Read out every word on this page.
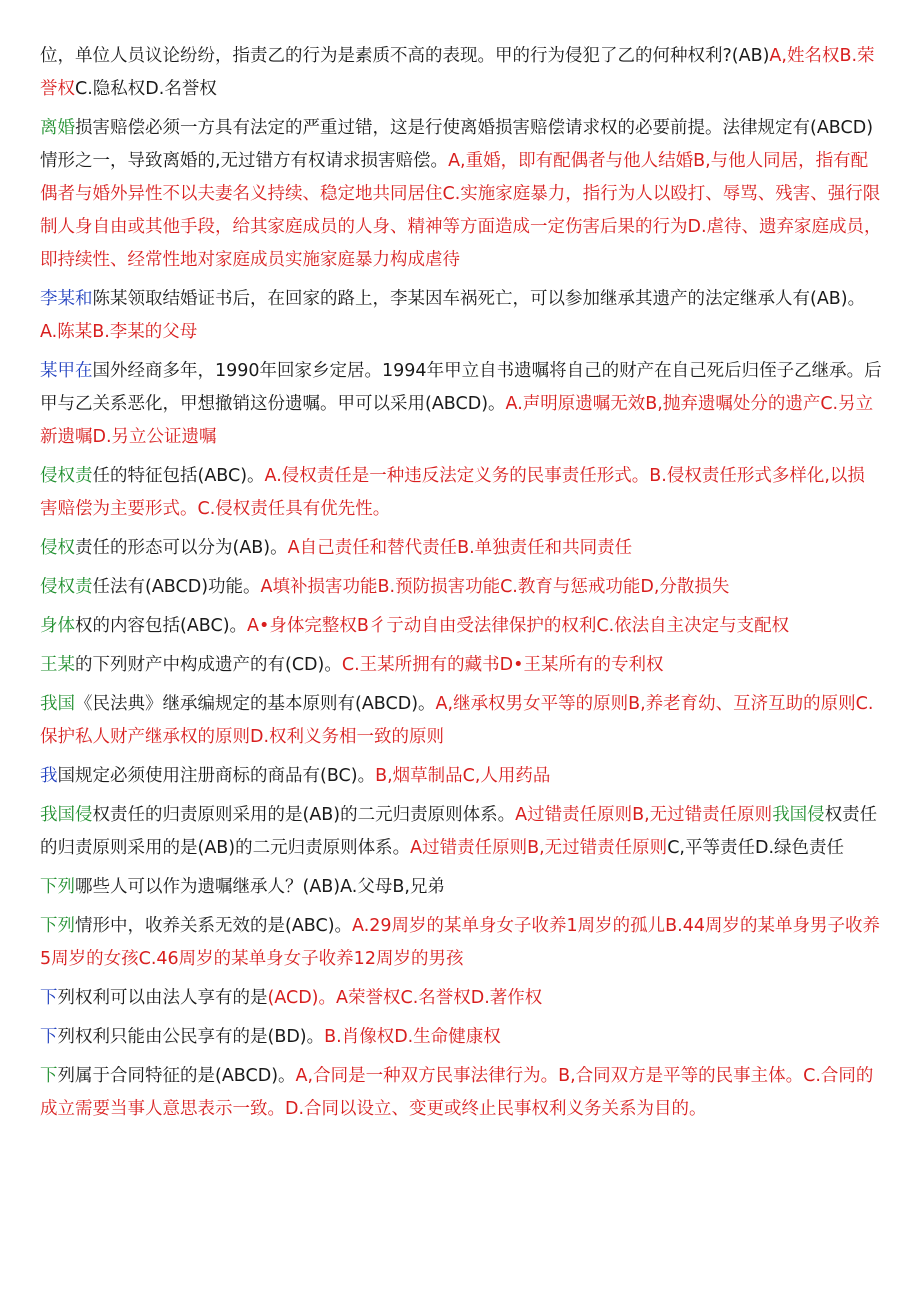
位，单位人员议论纷纷，指责乙的行为是素质不高的表现。甲的行为侵犯了乙的何种权利?(AB)A,姓名权B.荣誉权C.隐私权D.名誉权

离婚损害赔偿必须一方具有法定的严重过错，这是行使离婚损害赔偿请求权的必要前提。法律规定有(ABCD)情形之一，导致离婚的,无过错方有权请求损害赔偿。A,重婚，即有配偶者与他人结婚B,与他人同居，指有配偶者与婚外异性不以夫妻名义持续、稳定地共同居住C.实施家庭暴力，指行为人以殴打、辱骂、残害、强行限制人身自由或其他手段，给其家庭成员的人身、精神等方面造成一定伤害后果的行为D.虐待、遗弃家庭成员，即持续性、经常性地对家庭成员实施家庭暴力构成虐待

李某和陈某领取结婚证书后，在回家的路上，李某因车祸死亡，可以参加继承其遗产的法定继承人有(AB)。A.陈某B.李某的父母

某甲在国外经商多年，1990年回家乡定居。1994年甲立自书遗嘱将自己的财产在自己死后归侄子乙继承。后甲与乙关系恶化，甲想撤销这份遗嘱。甲可以采用(ABCD)。A.声明原遗嘱无效B,抛弃遗嘱处分的遗产C.另立新遗嘱D.另立公证遗嘱

侵权责任的特征包括(ABC)。A.侵权责任是一种违反法定义务的民事责任形式。B.侵权责任形式多样化,以损害赔偿为主要形式。C.侵权责任具有优先性。

侵权责任的形态可以分为(AB)。A自己责任和替代责任B.单独责任和共同责任

侵权责任法有(ABCD)功能。A填补损害功能B.预防损害功能C.教育与惩戒功能D,分散损失

身体权的内容包括(ABC)。A•身体完整权B彳亍动自由受法律保护的权利C.依法自主决定与支配权

王某的下列财产中构成遗产的有(CD)。C.王某所拥有的藏书D•王某所有的专利权

我国《民法典》继承编规定的基本原则有(ABCD)。A,继承权男女平等的原则B,养老育幼、互济互助的原则C.保护私人财产继承权的原则D.权利义务相一致的原则

我国规定必须使用注册商标的商品有(BC)。B,烟草制品C,人用药品

我国侵权责任的归责原则采用的是(AB)的二元归责原则体系。A过错责任原则B,无过错责任原则我国侵权责任的归责原则采用的是(AB)的二元归责原则体系。A过错责任原则B,无过错责任原则C,平等责任D.绿色责任

下列哪些人可以作为遗嘱继承人？(AB)A.父母B,兄弟

下列情形中，收养关系无效的是(ABC)。A.29周岁的某单身女子收养1周岁的孤儿B.44周岁的某单身男子收养5周岁的女孩C.46周岁的某单身女子收养12周岁的男孩

下列权利可以由法人享有的是(ACD)。A荣誉权C.名誉权D.著作权

下列权利只能由公民享有的是(BD)。B.肖像权D.生命健康权

下列属于合同特征的是(ABCD)。A,合同是一种双方民事法律行为。B,合同双方是平等的民事主体。C.合同的成立需要当事人意思表示一致。D.合同以设立、变更或终止民事权利义务关系为目的。
